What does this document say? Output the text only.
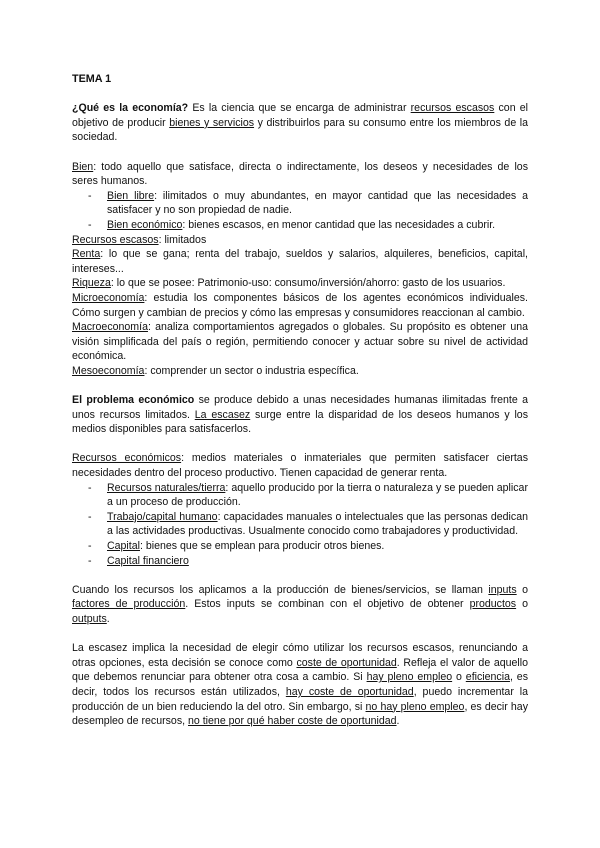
TEMA 1

¿Qué es la economía? Es la ciencia que se encarga de administrar recursos escasos con el objetivo de producir bienes y servicios y distribuirlos para su consumo entre los miembros de la sociedad.

Bien: todo aquello que satisface, directa o indirectamente, los deseos y necesidades de los seres humanos.

- Bien libre: ilimitados o muy abundantes, en mayor cantidad que las necesidades a satisfacer y no son propiedad de nadie.
- Bien económico: bienes escasos, en menor cantidad que las necesidades a cubrir.

Recursos escasos: limitados

Renta: lo que se gana; renta del trabajo, sueldos y salarios, alquileres, beneficios, capital, intereses...

Riqueza: lo que se posee: Patrimonio-uso: consumo/inversión/ahorro: gasto de los usuarios.

Microeconomía: estudia los componentes básicos de los agentes económicos individuales. Cómo surgen y cambian de precios y cómo las empresas y consumidores reaccionan al cambio.

Macroeconomía: analiza comportamientos agregados o globales. Su propósito es obtener una visión simplificada del país o región, permitiendo conocer y actuar sobre su nivel de actividad económica.

Mesoeconomía: comprender un sector o industria específica.

El problema económico se produce debido a unas necesidades humanas ilimitadas frente a unos recursos limitados. La escasez surge entre la disparidad de los deseos humanos y los medios disponibles para satisfacerlos.

Recursos económicos: medios materiales o inmateriales que permiten satisfacer ciertas necesidades dentro del proceso productivo. Tienen capacidad de generar renta.

- Recursos naturales/tierra: aquello producido por la tierra o naturaleza y se pueden aplicar a un proceso de producción.
- Trabajo/capital humano: capacidades manuales o intelectuales que las personas dedican a las actividades productivas. Usualmente conocido como trabajadores y productividad.
- Capital: bienes que se emplean para producir otros bienes.
- Capital financiero

Cuando los recursos los aplicamos a la producción de bienes/servicios, se llaman inputs o factores de producción. Estos inputs se combinan con el objetivo de obtener productos o outputs.

La escasez implica la necesidad de elegir cómo utilizar los recursos escasos, renunciando a otras opciones, esta decisión se conoce como coste de oportunidad. Refleja el valor de aquello que debemos renunciar para obtener otra cosa a cambio. Si hay pleno empleo o eficiencia, es decir, todos los recursos están utilizados, hay coste de oportunidad, puedo incrementar la producción de un bien reduciendo la del otro. Sin embargo, si no hay pleno empleo, es decir hay desempleo de recursos, no tiene por qué haber coste de oportunidad.
